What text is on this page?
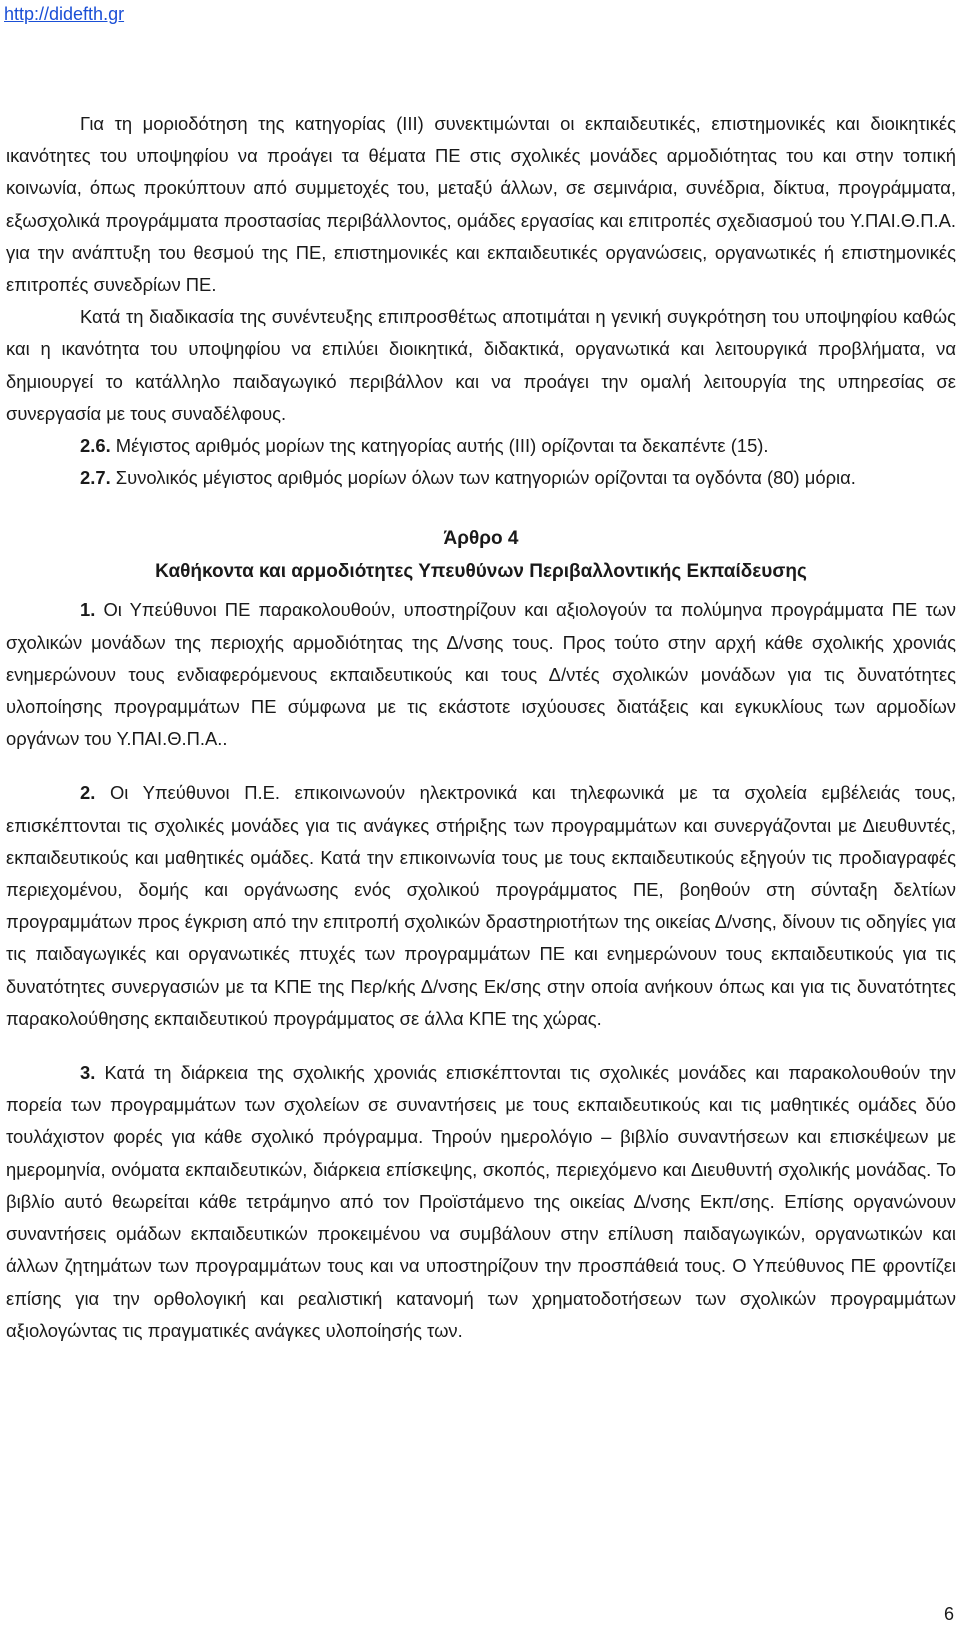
http://didefth.gr

Για τη μοριοδότηση της κατηγορίας (ΙΙΙ) συνεκτιμώνται οι εκπαιδευτικές, επιστημονικές και διοικητικές ικανότητες του υποψηφίου να προάγει τα θέματα ΠΕ στις σχολικές μονάδες αρμοδιότητας του και στην τοπική κοινωνία, όπως προκύπτουν από συμμετοχές του, μεταξύ άλλων, σε σεμινάρια, συνέδρια, δίκτυα, προγράμματα, εξωσχολικά προγράμματα προστασίας περιβάλλοντος, ομάδες εργασίας και επιτροπές σχεδιασμού του Υ.ΠΑΙ.Θ.Π.Α. για την ανάπτυξη του θεσμού της ΠΕ, επιστημονικές και εκπαιδευτικές οργανώσεις, οργανωτικές ή επιστημονικές επιτροπές συνεδρίων ΠΕ.

Κατά τη διαδικασία της συνέντευξης επιπροσθέτως αποτιμάται η γενική συγκρότηση του υποψηφίου καθώς και η ικανότητα του υποψηφίου να επιλύει διοικητικά, διδακτικά, οργανωτικά και λειτουργικά προβλήματα, να δημιουργεί το κατάλληλο παιδαγωγικό περιβάλλον και να προάγει την ομαλή λειτουργία της υπηρεσίας σε συνεργασία με τους συναδέλφους.

2.6. Μέγιστος αριθμός μορίων της κατηγορίας αυτής (ΙΙΙ) ορίζονται τα δεκαπέντε (15).

2.7. Συνολικός μέγιστος αριθμός μορίων όλων των κατηγοριών ορίζονται τα ογδόντα (80) μόρια.

Άρθρο 4

Καθήκοντα και αρμοδιότητες Υπευθύνων Περιβαλλοντικής Εκπαίδευσης

1. Οι Υπεύθυνοι ΠΕ παρακολουθούν, υποστηρίζουν και αξιολογούν τα πολύμηνα προγράμματα ΠΕ των σχολικών μονάδων της περιοχής αρμοδιότητας της Δ/νσης τους. Προς τούτο στην αρχή κάθε σχολικής χρονιάς ενημερώνουν τους ενδιαφερόμενους εκπαιδευτικούς και τους Δ/ντές σχολικών μονάδων για τις δυνατότητες υλοποίησης προγραμμάτων ΠΕ σύμφωνα με τις εκάστοτε ισχύουσες διατάξεις και εγκυκλίους των αρμοδίων οργάνων του Υ.ΠΑΙ.Θ.Π.Α..

2. Οι Υπεύθυνοι Π.Ε. επικοινωνούν ηλεκτρονικά και τηλεφωνικά με τα σχολεία εμβέλειάς τους, επισκέπτονται τις σχολικές μονάδες για τις ανάγκες στήριξης των προγραμμάτων και συνεργάζονται με Διευθυντές, εκπαιδευτικούς και μαθητικές ομάδες. Κατά την επικοινωνία τους με τους εκπαιδευτικούς εξηγούν τις προδιαγραφές περιεχομένου, δομής και οργάνωσης ενός σχολικού προγράμματος ΠΕ, βοηθούν στη σύνταξη δελτίων προγραμμάτων προς έγκριση από την επιτροπή σχολικών δραστηριοτήτων της οικείας Δ/νσης, δίνουν τις οδηγίες για τις παιδαγωγικές και οργανωτικές πτυχές των προγραμμάτων ΠΕ και ενημερώνουν τους εκπαιδευτικούς για τις δυνατότητες συνεργασιών με τα ΚΠΕ της Περ/κής Δ/νσης Εκ/σης στην οποία ανήκουν όπως και για τις δυνατότητες παρακολούθησης εκπαιδευτικού προγράμματος σε άλλα ΚΠΕ της χώρας.

3. Κατά τη διάρκεια της σχολικής χρονιάς επισκέπτονται τις σχολικές μονάδες και παρακολουθούν την πορεία των προγραμμάτων των σχολείων σε συναντήσεις με τους εκπαιδευτικούς και τις μαθητικές ομάδες δύο τουλάχιστον φορές για κάθε σχολικό πρόγραμμα. Τηρούν ημερολόγιο – βιβλίο συναντήσεων και επισκέψεων με ημερομηνία, ονόματα εκπαιδευτικών, διάρκεια επίσκεψης, σκοπός, περιεχόμενο και Διευθυντή σχολικής μονάδας. Το βιβλίο αυτό θεωρείται κάθε τετράμηνο από τον Προϊστάμενο της οικείας Δ/νσης Εκπ/σης. Επίσης οργανώνουν συναντήσεις ομάδων εκπαιδευτικών προκειμένου να συμβάλουν στην επίλυση παιδαγωγικών, οργανωτικών και άλλων ζητημάτων των προγραμμάτων τους και να υποστηρίζουν την προσπάθειά τους. Ο Υπεύθυνος ΠΕ φροντίζει επίσης για την ορθολογική και ρεαλιστική κατανομή των χρηματοδοτήσεων των σχολικών προγραμμάτων αξιολογώντας τις πραγματικές ανάγκες υλοποίησής των.

6
